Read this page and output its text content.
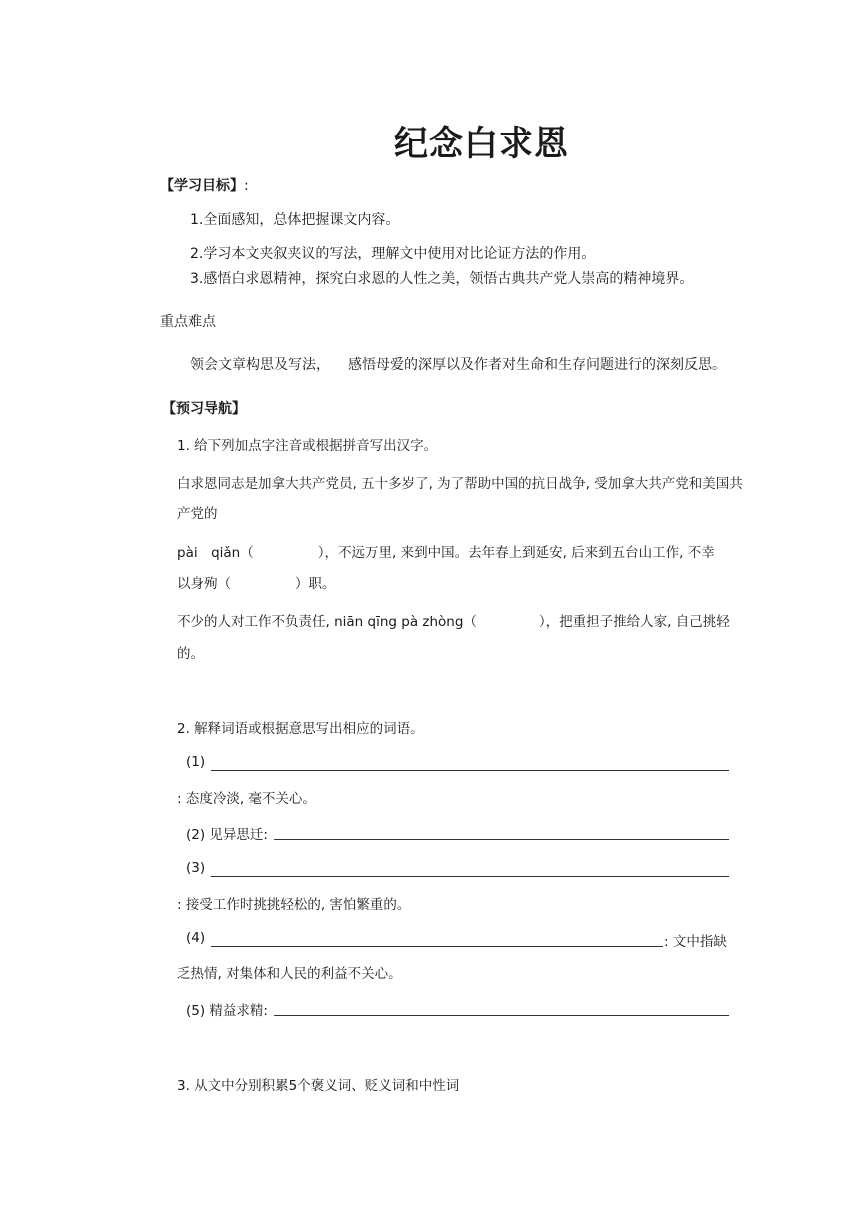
纪念白求恩
【学习目标】:
1.全面感知，总体把握课文内容。
2.学习本文夹叙夹议的写法，理解文中使用对比论证方法的作用。
3.感悟白求恩精神，探究白求恩的人性之美，领悟古典共产党人崇高的精神境界。
重点难点
领会文章构思及写法， 感悟母爱的深厚以及作者对生命和生存问题进行的深刻反思。
【预习导航】
1. 给下列加点字注音或根据拼音写出汉字。
白求恩同志是加拿大共产党员, 五十多岁了, 为了帮助中国的抗日战争, 受加拿大共产党和美国共
产党的
pài　qiǎn（	），不远万里, 来到中国。去年春上到延安, 后来到五台山工作, 不幸
以身殉（	）职。
不少的人对工作不负责任, niān qīng pà zhòng（	），把重担子推给人家, 自己挑轻
的。
2. 解释词语或根据意思写出相应的词语。
(1)
: 态度冷淡, 毫不关心。
(2) 见异思迁:
(3)
: 接受工作时挑挑轻松的, 害怕繁重的。
(4)	: 文中指缺
乏热情, 对集体和人民的利益不关心。
(5) 精益求精:
3. 从文中分别积累5个褒义词、贬义词和中性词
